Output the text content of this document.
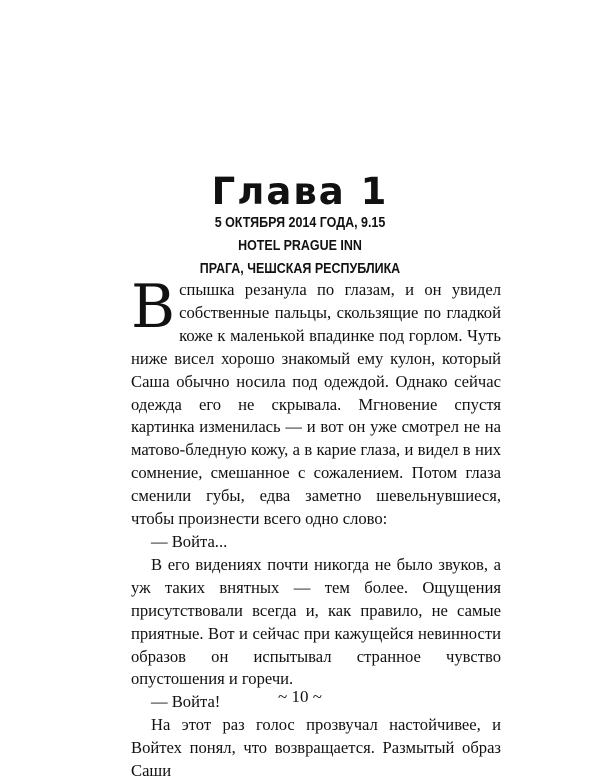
Глава 1
5 ОКТЯБРЯ 2014 ГОДА, 9.15
HOTEL PRAGUE INN
ПРАГА, ЧЕШСКАЯ РЕСПУБЛИКА

Вспышка резанула по глазам, и он увидел собственные пальцы, скользящие по гладкой коже к маленькой впадинке под горлом. Чуть ниже висел хорошо знакомый ему кулон, который Саша обычно носила под одеждой. Однако сейчас одежда его не скрывала. Мгновение спустя картинка изменилась — и вот он уже смотрел не на матово-бледную кожу, а в карие глаза, и видел в них сомнение, смешанное с сожалением. Потом глаза сменили губы, едва заметно шевельнувшиеся, чтобы произнести всего одно слово:

— Войта...

В его видениях почти никогда не было звуков, а уж таких внятных — тем более. Ощущения присутствовали всегда и, как правило, не самые приятные. Вот и сейчас при кажущейся невинности образов он испытывал странное чувство опустошения и горечи.

— Войта!

На этот раз голос прозвучал настойчивее, и Войтех понял, что возвращается. Размытый образ Саши

~ 10 ~
